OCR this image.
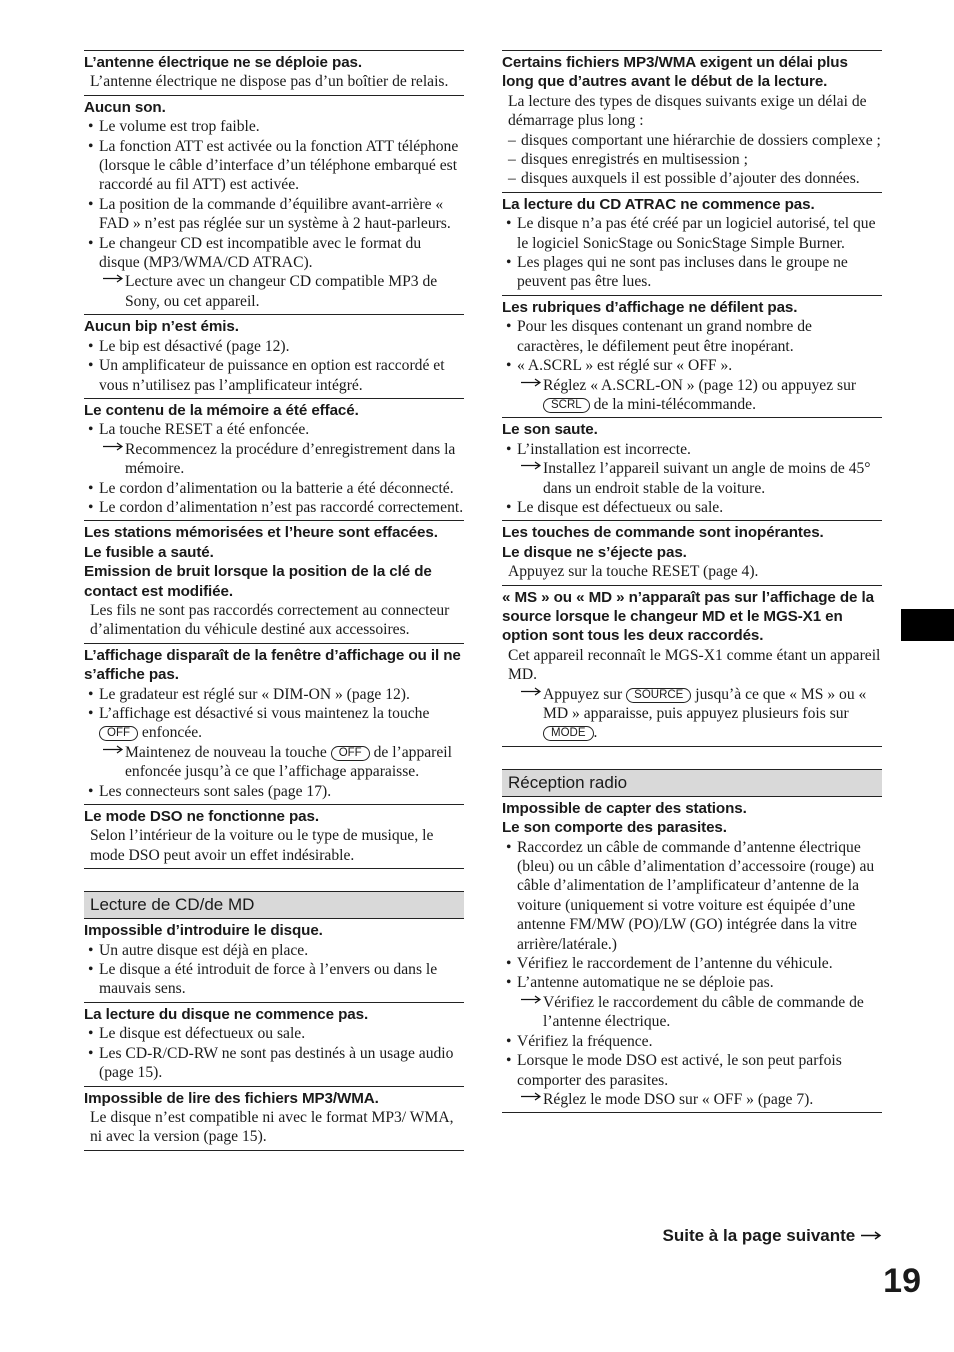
L’antenne électrique ne se déploie pas.
L’antenne électrique ne dispose pas d’un boîtier de relais.
Aucun son.
• Le volume est trop faible.
• La fonction ATT est activée ou la fonction ATT téléphone (lorsque le câble d’interface d’un téléphone embarqué est raccordé au fil ATT) est activée.
• La position de la commande d’équilibre avant-arrière « FAD » n’est pas réglée sur un système à 2 haut-parleurs.
• Le changeur CD est incompatible avec le format du disque (MP3/WMA/CD ATRAC).
Lecture avec un changeur CD compatible MP3 de Sony, ou cet appareil.
Aucun bip n’est émis.
• Le bip est désactivé (page 12).
• Un amplificateur de puissance en option est raccordé et vous n’utilisez pas l’amplificateur intégré.
Le contenu de la mémoire a été effacé.
• La touche RESET a été enfoncée.
Recommencez la procédure d’enregistrement dans la mémoire.
• Le cordon d’alimentation ou la batterie a été déconnecté.
• Le cordon d’alimentation n’est pas raccordé correctement.
Les stations mémorisées et l’heure sont effacées.
Le fusible a sauté.
Emission de bruit lorsque la position de la clé de contact est modifiée.
Les fils ne sont pas raccordés correctement au connecteur d’alimentation du véhicule destiné aux accessoires.
L’affichage disparaît de la fenêtre d’affichage ou il ne s’affiche pas.
• Le gradateur est réglé sur « DIM-ON » (page 12).
• L’affichage est désactivé si vous maintenez la touche OFF enfoncée.
Maintenez de nouveau la touche OFF de l’appareil enfoncée jusqu’à ce que l’affichage apparaisse.
• Les connecteurs sont sales (page 17).
Le mode DSO ne fonctionne pas.
Selon l’intérieur de la voiture ou le type de musique, le mode DSO peut avoir un effet indésirable.
Lecture de CD/de MD
Impossible d’introduire le disque.
• Un autre disque est déjà en place.
• Le disque a été introduit de force à l’envers ou dans le mauvais sens.
La lecture du disque ne commence pas.
• Le disque est défectueux ou sale.
• Les CD-R/CD-RW ne sont pas destinés à un usage audio (page 15).
Impossible de lire des fichiers MP3/WMA.
Le disque n’est compatible ni avec le format MP3/ WMA, ni avec la version (page 15).
Certains fichiers MP3/WMA exigent un délai plus long que d’autres avant le début de la lecture.
La lecture des types de disques suivants exige un délai de démarrage plus long :
– disques comportant une hiérarchie de dossiers complexe ;
– disques enregistrés en multisession ;
– disques auxquels il est possible d’ajouter des données.
La lecture du CD ATRAC ne commence pas.
• Le disque n’a pas été créé par un logiciel autorisé, tel que le logiciel SonicStage ou SonicStage Simple Burner.
• Les plages qui ne sont pas incluses dans le groupe ne peuvent pas être lues.
Les rubriques d’affichage ne défilent pas.
• Pour les disques contenant un grand nombre de caractères, le défilement peut être inopérant.
• « A.SCRL » est réglé sur « OFF ».
Réglez « A.SCRL-ON » (page 12) ou appuyez sur SCRL de la mini-télécommande.
Le son saute.
• L’installation est incorrecte.
Installez l’appareil suivant un angle de moins de 45° dans un endroit stable de la voiture.
• Le disque est défectueux ou sale.
Les touches de commande sont inopérantes.
Le disque ne s’éjecte pas.
Appuyez sur la touche RESET (page 4).
« MS » ou « MD » n’apparaît pas sur l’affichage de la source lorsque le changeur MD et le MGS-X1 en option sont tous les deux raccordés.
Cet appareil reconnaît le MGS-X1 comme étant un appareil MD.
Appuyez sur SOURCE jusqu’à ce que « MS » ou « MD » apparaisse, puis appuyez plusieurs fois sur MODE .
Réception radio
Impossible de capter des stations.
Le son comporte des parasites.
• Raccordez un câble de commande d’antenne électrique (bleu) ou un câble d’alimentation d’accessoire (rouge) au câble d’alimentation de l’amplificateur d’antenne de la voiture (uniquement si votre voiture est équipée d’une antenne FM/MW (PO)/LW (GO) intégrée dans la vitre arrière/latérale.)
• Vérifiez le raccordement de l’antenne du véhicule.
• L’antenne automatique ne se déploie pas.
Vérifiez le raccordement du câble de commande de l’antenne électrique.
• Vérifiez la fréquence.
• Lorsque le mode DSO est activé, le son peut parfois comporter des parasites.
Réglez le mode DSO sur « OFF » (page 7).
Suite à la page suivante
19
